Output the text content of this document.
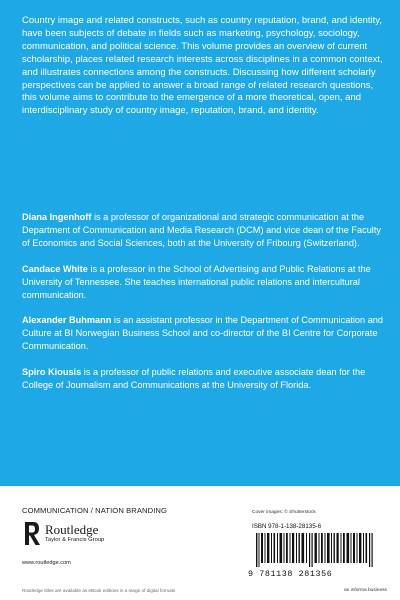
Country image and related constructs, such as country reputation, brand, and identity, have been subjects of debate in fields such as marketing, psychology, sociology, communication, and political science. This volume provides an overview of current scholarship, places related research interests across disciplines in a common context, and illustrates connections among the constructs. Discussing how different scholarly perspectives can be applied to answer a broad range of related research questions, this volume aims to contribute to the emergence of a more theoretical, open, and interdisciplinary study of country image, reputation, brand, and identity.

Diana Ingenhoff is a professor of organizational and strategic communication at the Department of Communication and Media Research (DCM) and vice dean of the Faculty of Economics and Social Sciences, both at the University of Fribourg (Switzerland).

Candace White is a professor in the School of Advertising and Public Relations at the University of Tennessee. She teaches international public relations and intercultural communication.

Alexander Buhmann is an assistant professor in the Department of Communication and Culture at BI Norwegian Business School and co-director of the BI Centre for Corporate Communication.

Spiro Kiousis is a professor of public relations and executive associate dean for the College of Journalism and Communications at the University of Florida.

COMMUNICATION / NATION BRANDING	Cover images: © Shutterstock
Routledge
Taylor & Francis Group
www.routledge.com
Routledge titles are available as eBook editions in a range of digital formats
ISBN 978-1-138-28135-6
9 781138 281356
an informa business
